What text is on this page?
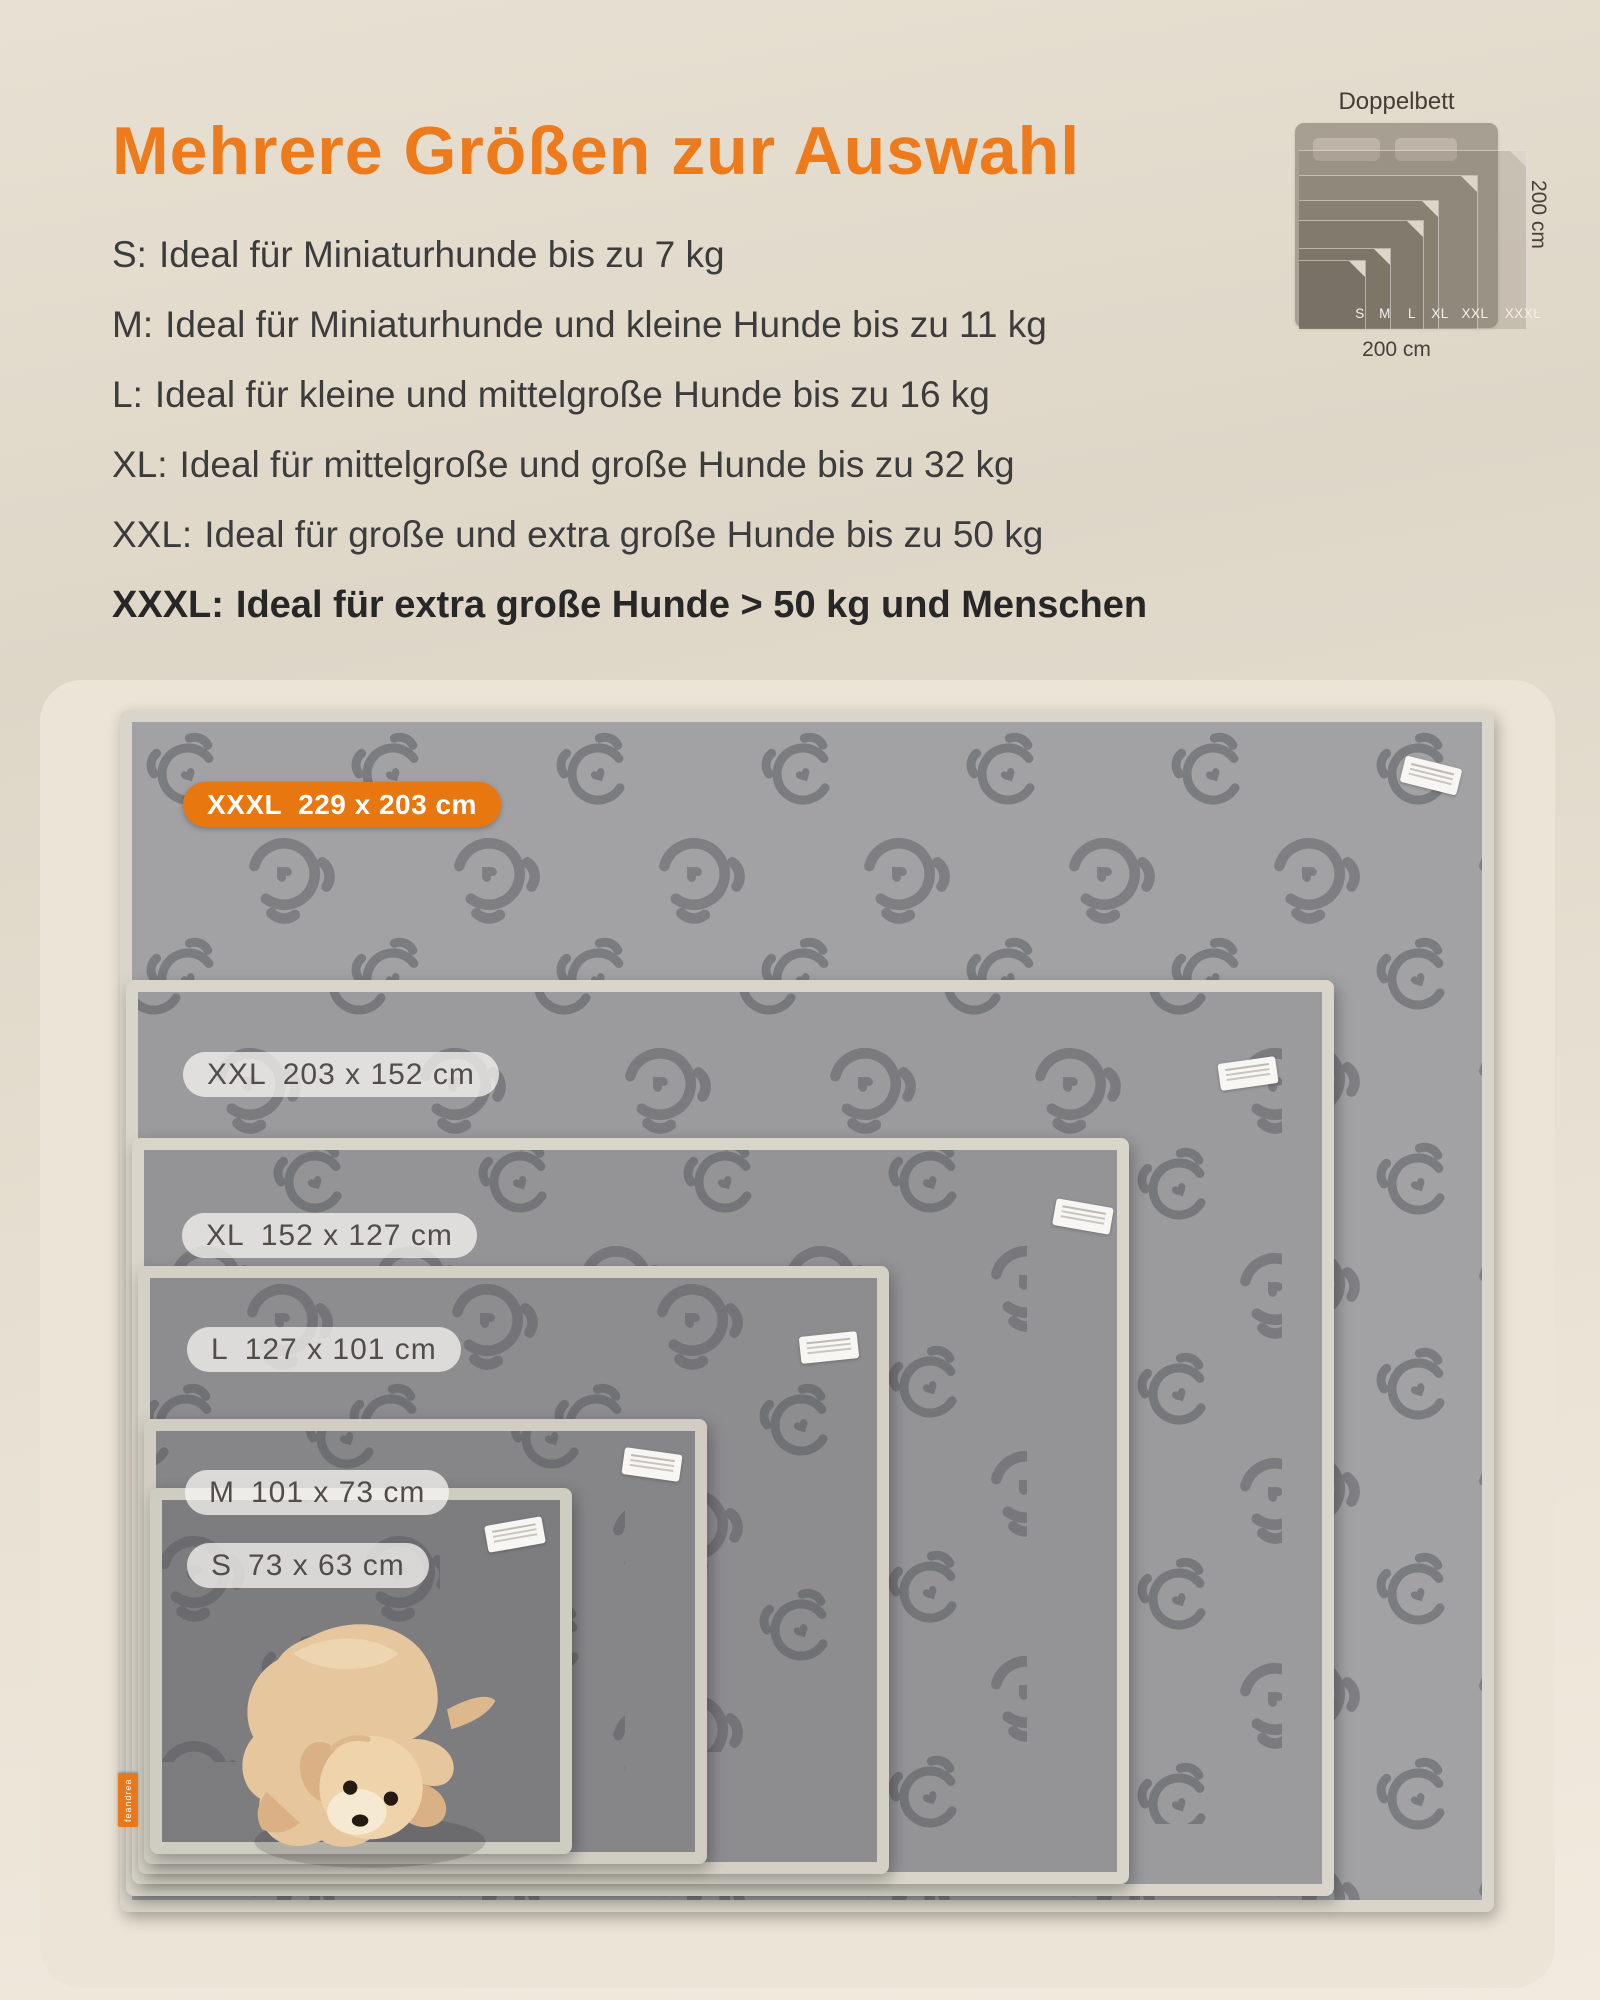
Mehrere Größen zur Auswahl
S: Ideal für Miniaturhunde bis zu 7 kg
M: Ideal für Miniaturhunde und kleine Hunde bis zu 11 kg
L: Ideal für kleine und mittelgroße Hunde bis zu 16 kg
XL: Ideal für mittelgroße und große Hunde bis zu 32 kg
XXL: Ideal für große und extra große Hunde bis zu 50 kg
XXXL: Ideal für extra große Hunde > 50 kg und Menschen
Doppelbett
S M L XL XXL XXXL
200 cm
200 cm
feandrea
XXXL 229 x 203 cm
XXL 203 x 152 cm
XL 152 x 127 cm
L 127 x 101 cm
M 101 x 73 cm
S 73 x 63 cm
